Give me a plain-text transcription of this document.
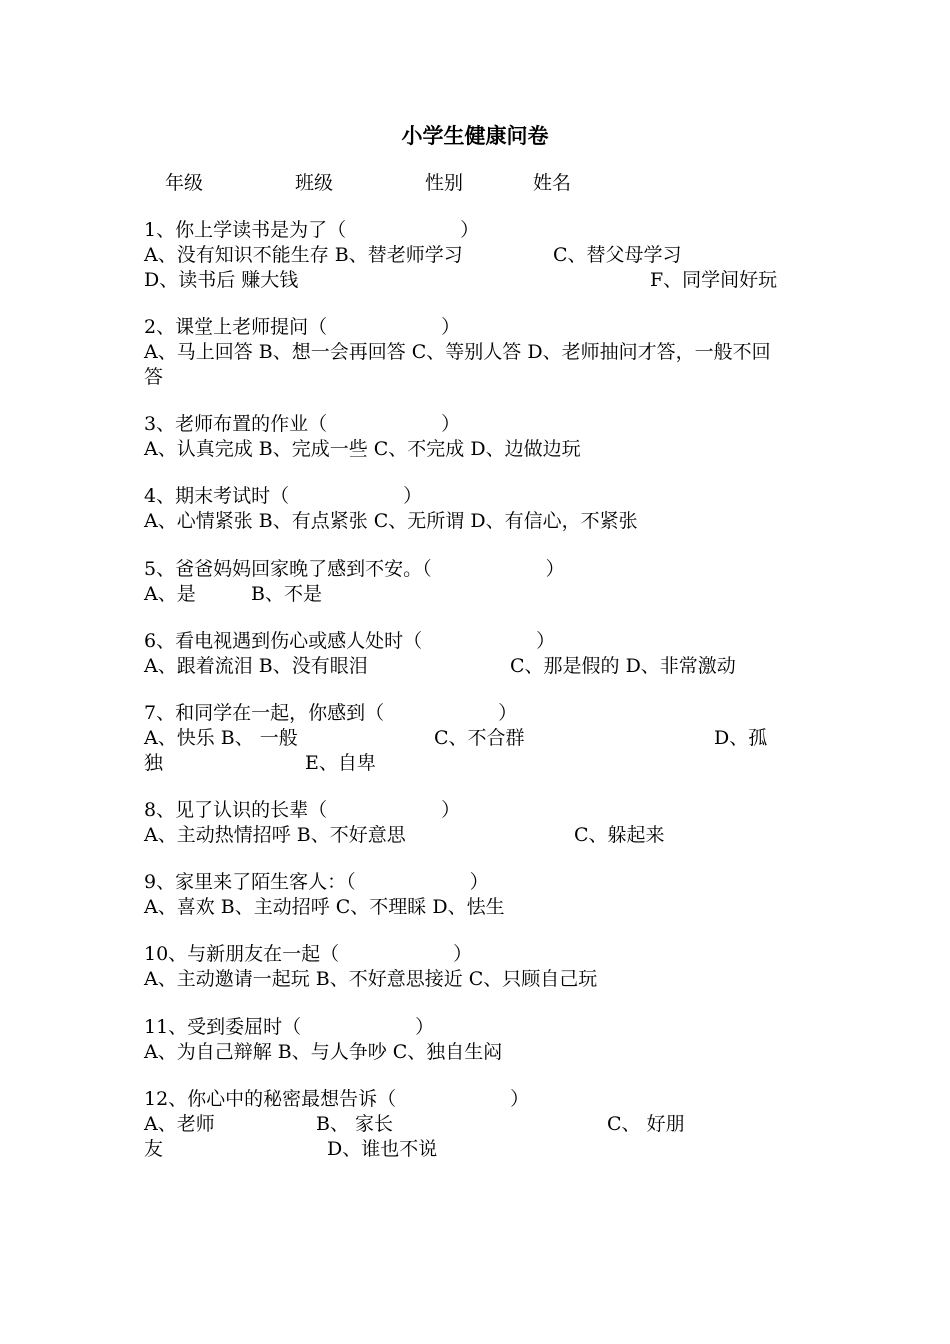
小学生健康问卷
年级	班级	性别	姓名
1、你上学读书是为了（　　　　　　）
A、没有知识不能生存 B、替老师学习	C、替父母学习
D、读书后 赚大钱	F、同学间好玩
2、课堂上老师提问（　　　　　　）
A、马上回答 B、想一会再回答 C、等别人答 D、老师抽问才答，一般不回
答
3、老师布置的作业（　　　　　　）
A、认真完成 B、完成一些 C、不完成 D、边做边玩
4、期末考试时（　　　　　　）
A、心情紧张 B、有点紧张 C、无所谓 D、有信心，不紧张
5、爸爸妈妈回家晚了感到不安。（　　　　　　）
A、是	B、不是
6、看电视遇到伤心或感人处时（　　　　　　）
A、跟着流泪 B、没有眼泪	C、那是假的 D、非常激动
7、和同学在一起，你感到（　　　　　　）
A、快乐 B、 一般	C、不合群	D、孤
独	E、自卑
8、见了认识的长辈（　　　　　　）
A、主动热情招呼 B、不好意思	C、躲起来
9、家里来了陌生客人：（　　　　　　）
A、喜欢 B、主动招呼 C、不理睬 D、怯生
10、与新朋友在一起（　　　　　　）
A、主动邀请一起玩 B、不好意思接近 C、只顾自己玩
11、受到委屈时（　　　　　　）
A、为自己辩解 B、与人争吵 C、独自生闷
12、你心中的秘密最想告诉（　　　　　　）
A、老师	B、 家长	C、 好朋
友	D、谁也不说
